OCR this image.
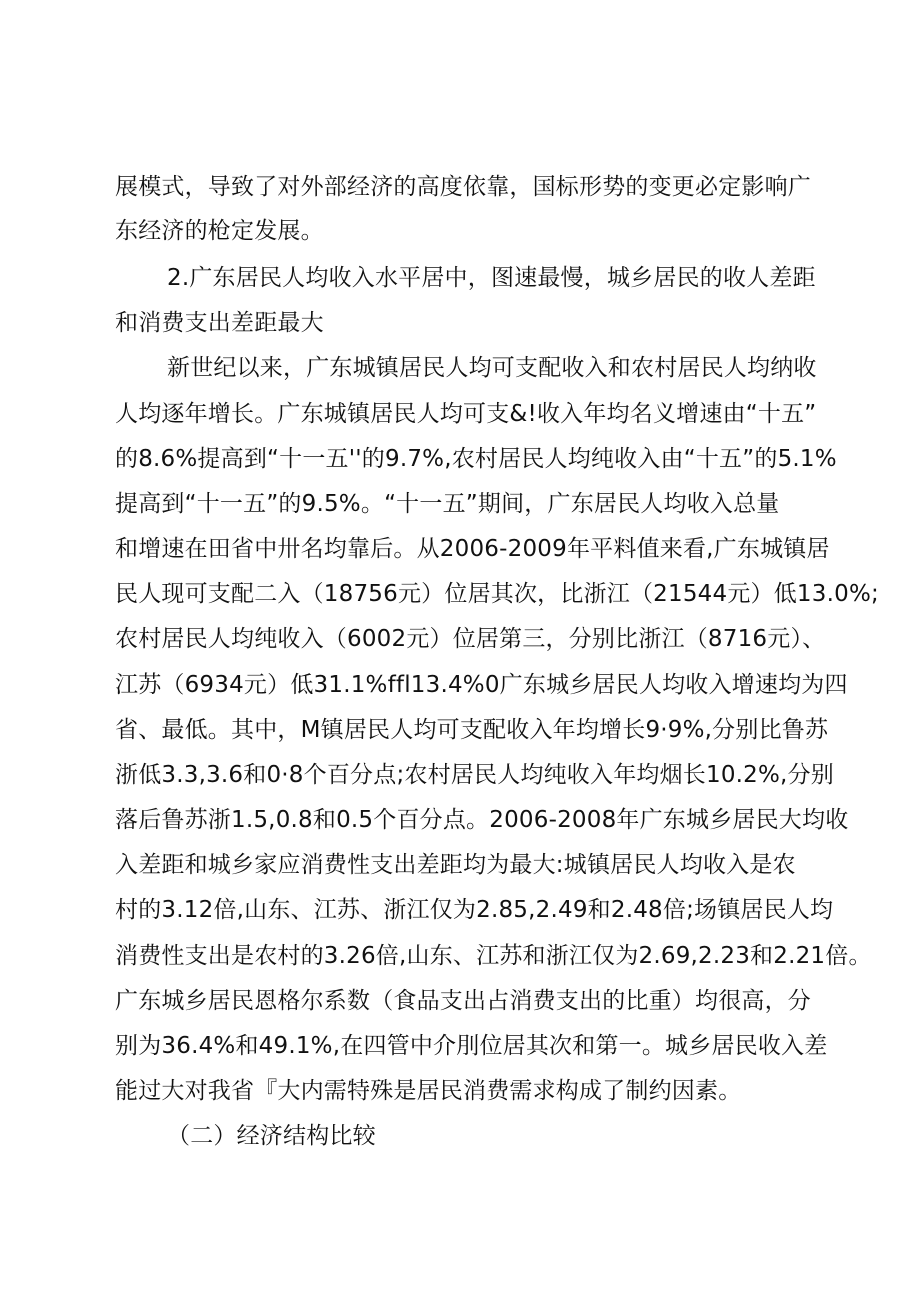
展模式，导致了对外部经济的高度依靠，国标形势的变更必定影响广
东经济的枪定发展。
2.广东居民人均收入水平居中，图速最慢，城乡居民的收人差距
和消费支出差距最大
新世纪以来，广东城镇居民人均可支配收入和农村居民人均纳收
人均逐年增长。广东城镇居民人均可支&!收入年均名义增速由“十五”
的8.6%提高到“十一五''的9.7%,农村居民人均纯收入由“十五”的5.1%
提高到“十一五”的9.5%。“十一五”期间，广东居民人均收入总量
和增速在田省中卅名均靠后。从2006-2009年平料值来看,广东城镇居
民人现可支配二入（18756元）位居其次，比浙江（21544元）低13.0%;
农村居民人均纯收入（6002元）位居第三，分别比浙江（8716元）、
江苏（6934元）低31.1%ffl13.4%0广东城乡居民人均收入增速均为四
省、最低。其中，M镇居民人均可支配收入年均增长9·9%,分别比鲁苏
浙低3.3,3.6和0·8个百分点;农村居民人均纯收入年均烟长10.2%,分别
落后鲁苏浙1.5,0.8和0.5个百分点。2006-2008年广东城乡居民大均收
入差距和城乡家应消费性支出差距均为最大:城镇居民人均收入是农
村的3.12倍,山东、江苏、浙江仅为2.85,2.49和2.48倍;场镇居民人均
消费性支出是农村的3.26倍,山东、江苏和浙江仅为2.69,2.23和2.21倍。
广东城乡居民恩格尔系数（食品支出占消费支出的比重）均很高，分
别为36.4%和49.1%,在四管中介刖位居其次和第一。城乡居民收入差
能过大对我省『大内需特殊是居民消费需求构成了制约因素。
（二）经济结构比较
